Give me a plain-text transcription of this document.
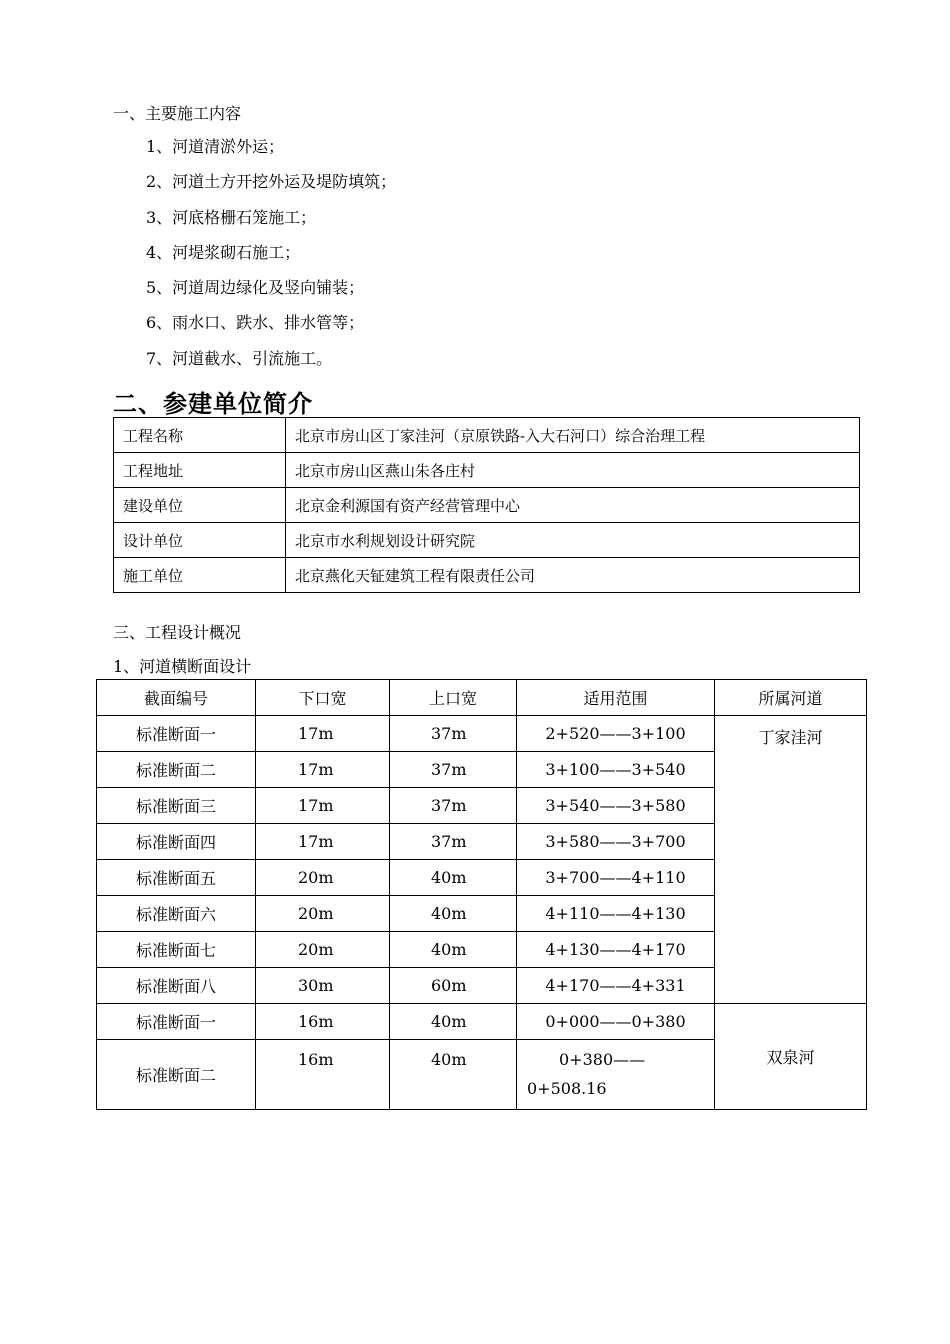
一、主要施工内容
1、河道清淤外运；
2、河道土方开挖外运及堤防填筑；
3、河底格栅石笼施工；
4、河堤浆砌石施工；
5、河道周边绿化及竖向铺装；
6、雨水口、跌水、排水管等；
7、河道截水、引流施工。
二、参建单位简介
工程名称	北京市房山区丁家洼河（京原铁路-入大石河口）综合治理工程
工程地址	北京市房山区燕山朱各庄村
建设单位	北京金利源国有资产经营管理中心
设计单位	北京市水利规划设计研究院
施工单位	北京燕化天钲建筑工程有限责任公司
三、工程设计概况
1、河道横断面设计
截面编号	下口宽	上口宽	适用范围	所属河道
标准断面一	17m	37m	2+520——3+100	丁家洼河
标准断面二	17m	37m	3+100——3+540	
标准断面三	17m	37m	3+540——3+580	
标准断面四	17m	37m	3+580——3+700	
标准断面五	20m	40m	3+700——4+110	
标准断面六	20m	40m	4+110——4+130	
标准断面七	20m	40m	4+130——4+170	
标准断面八	30m	60m	4+170——4+331	
标准断面一	16m	40m	0+000——0+380	双泉河
标准断面二	16m	40m	0+380——
0+508.16	
